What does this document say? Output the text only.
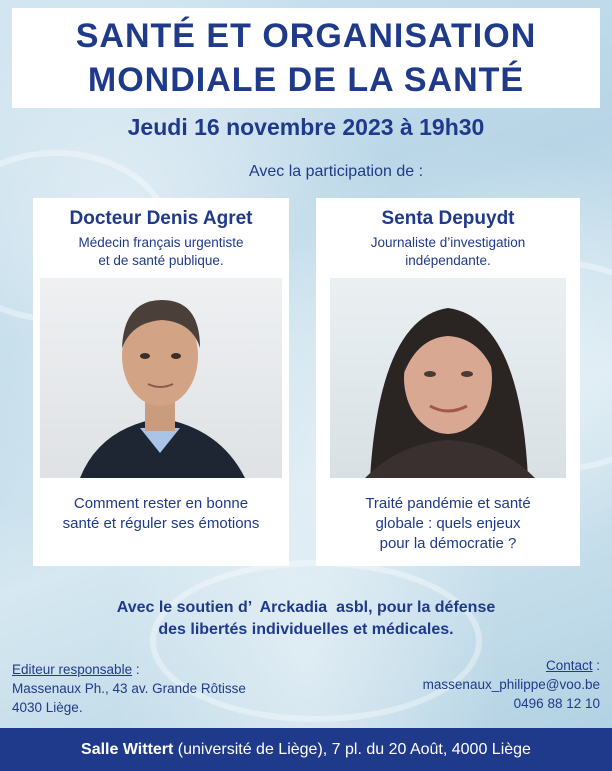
SANTÉ ET ORGANISATION
MONDIALE DE LA SANTÉ
Jeudi 16 novembre 2023 à 19h30
Avec la participation de :
Docteur Denis Agret
Médecin français urgentiste
et de santé publique.
Comment rester en bonne
santé et réguler ses émotions
Senta Depuydt
Journaliste d’investigation
indépendante.
Traité pandémie et santé
globale : quels enjeux
pour la démocratie ?
Avec le soutien d’  Arckadia  asbl, pour la défense
des libertés individuelles et médicales.
Editeur responsable :
Massenaux Ph., 43 av. Grande Rôtisse
4030 Liège.
Contact :
massenaux_philippe@voo.be
0496 88 12 10
Salle Wittert (université de Liège), 7 pl. du 20 Août, 4000 Liège
